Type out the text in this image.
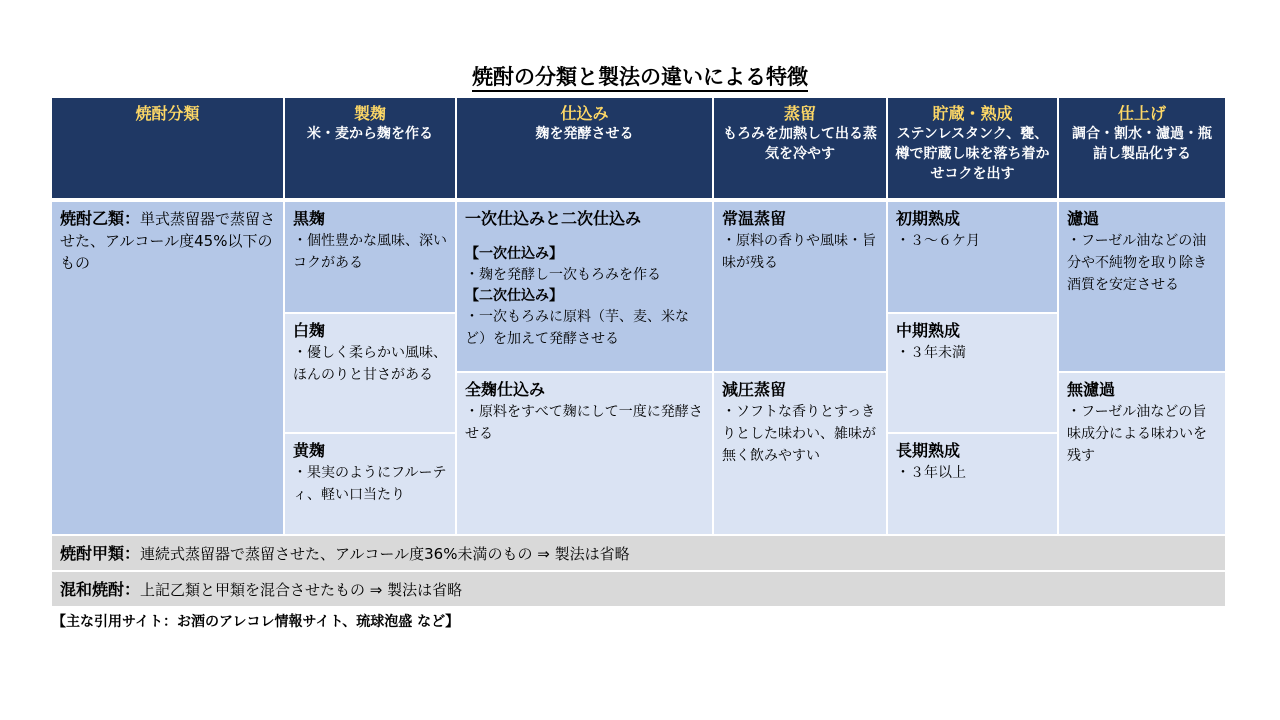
焼酎の分類と製法の違いによる特徴
焼酎分類	製麹
米・麦から麹を作る
仕込み
麹を発酵させる
蒸留
もろみを加熱して出る蒸気を冷やす
貯蔵・熟成
ステンレスタンク、甕、樽で貯蔵し味を落ち着かせコクを出す
仕上げ
調合・割水・濾過・瓶詰し製品化する
焼酎乙類：単式蒸留器で蒸留させた、アルコール度45%以下のもの
黒麹
・個性豊かな風味、深いコクがある
白麹
・優しく柔らかい風味、ほんのりと甘さがある
黄麹
・果実のようにフルーティ、軽い口当たり
一次仕込みと二次仕込み
【一次仕込み】
・麹を発酵し一次もろみを作る
【二次仕込み】
・一次もろみに原料（芋、麦、米など）を加えて発酵させる
全麹仕込み
・原料をすべて麹にして一度に発酵させる
常温蒸留
・原料の香りや風味・旨味が残る
減圧蒸留
・ソフトな香りとすっきりとした味わい、雑味が無く飲みやすい
初期熟成
・３～６ケ月
中期熟成
・３年未満
長期熟成
・３年以上
濾過
・フーゼル油などの油分や不純物を取り除き酒質を安定させる
無濾過
・フーゼル油などの旨味成分による味わいを残す
焼酎甲類：連続式蒸留器で蒸留させた、アルコール度36%未満のもの ⇒ 製法は省略
混和焼酎：上記乙類と甲類を混合させたもの ⇒ 製法は省略
【主な引用サイト：お酒のアレコレ情報サイト、琉球泡盛 など】
